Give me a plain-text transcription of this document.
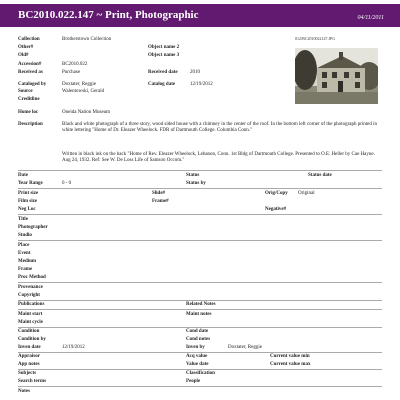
BC2010.022.147 ~ Print, Photographic	04/11/2011
012\BC2010022147.JPG
Collection	Brotherstown Collection
Other#	Object name 2
Old#	Object name 3
Accession#	BC2010.022
Received as	Purchase	Received date 2010
Cataloged by	Doxtater, Reggie	Catalog date	12/19/2012
Source	Walentowski, Gerald
Creditline
Home loc	Oneida Nation Museum
Description	Black and white photograph of a three story, wood sided house with a chimney in the center of the roof. In the bottom left corner of the photograph printed in white lettering "Home of Dr. Eleazer Wheelock. FDR of Dartmouth College. Columbia Conn."
Written in black ink on the back "Home of Rev. Eleazer Wheelock, Lebanon, Conn. 1st Bldg of Dartmouth College. Presented to O.E. Heller by Cae Hayne. Aug 24, 1932. Ref: See W. De Loss Life of Samson Occom."
Date	Status	Status date
Year Range	0 - 0	Status by
Print size	Slide#	Orig/Copy Original
Film size	Frame#
Neg Loc	Negative#
Title
Photographer
Studio
Place
Event
Medium
Frame
Proc Method
Provenance
Copyright
Publications	Related Notes
Maint start	Maint notes
Maint cycle
Condition	Cond date
Condition by	Cond notes
Inven date	12/19/2012	Inven by	Doxtater, Reggie
Appraisor	Acq value	Current value min
App notes	Value date	Current value max
Subjects	Classification
Search terms	People
Notes
